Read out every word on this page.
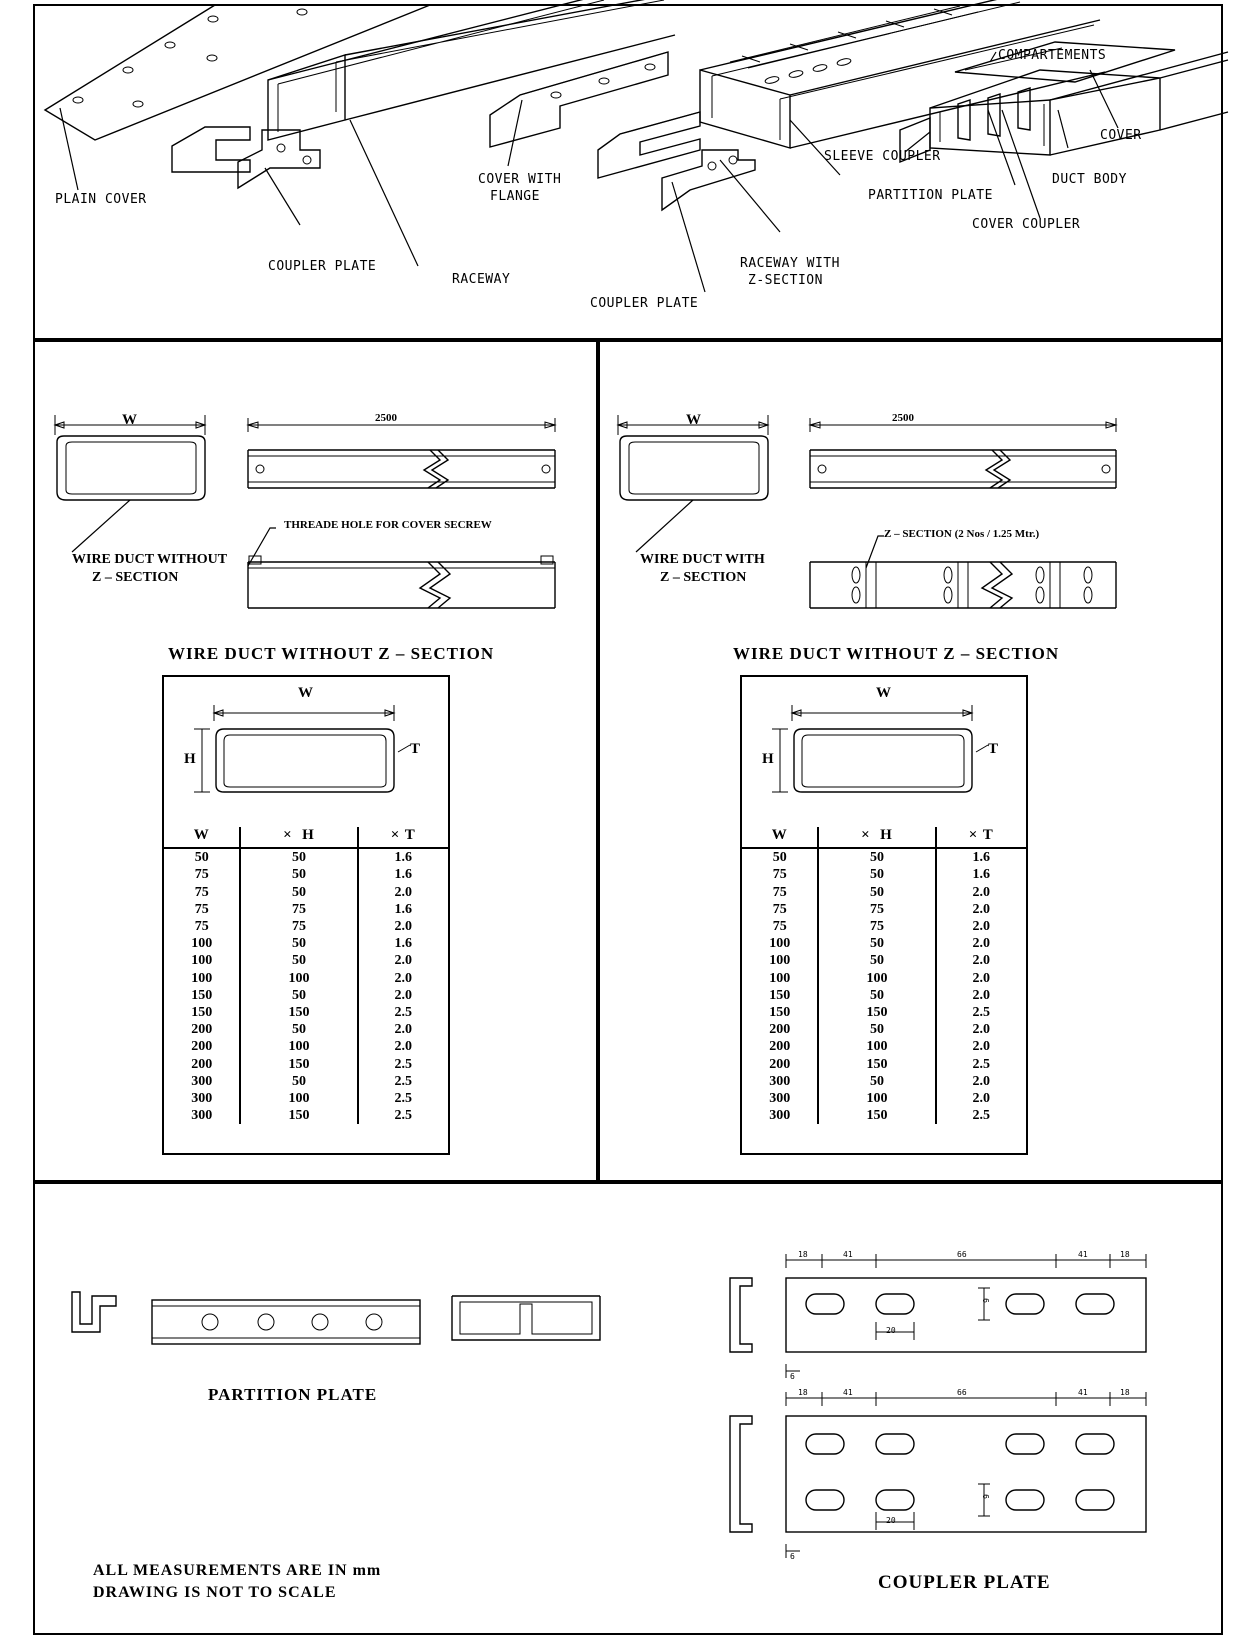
PLAIN COVER
COUPLER PLATE
RACEWAY
COVER WITH
FLANGE
COUPLER PLATE
RACEWAY WITH
Z-SECTION
COMPARTEMENTS
SLEEVE COUPLER
PARTITION PLATE
COVER COUPLER
COVER
DUCT BODY
W	2500
WIRE DUCT WITHOUT
Z – SECTION
THREADE HOLE FOR COVER SECREW
WIRE DUCT WITHOUT Z – SECTION
W
H
T
W	× H	× T
50	50	1.6
75	50	1.6
75	50	2.0
75	75	1.6
75	75	2.0
100	50	1.6
100	50	2.0
100	100	2.0
150	50	2.0
150	150	2.5
200	50	2.0
200	100	2.0
200	150	2.5
300	50	2.5
300	100	2.5
300	150	2.5
W	2500
WIRE DUCT WITH
Z – SECTION
Z – SECTION (2 Nos / 1.25 Mtr.)
WIRE DUCT WITHOUT Z – SECTION
W
H
T
W	× H	× T
50	50	1.6
75	50	1.6
75	50	2.0
75	75	2.0
75	75	2.0
100	50	2.0
100	50	2.0
100	100	2.0
150	50	2.0
150	150	2.5
200	50	2.0
200	100	2.0
200	150	2.5
300	50	2.0
300	100	2.0
300	150	2.5
PARTITION PLATE
COUPLER PLATE
18	41	66	41	18
20
6
9
18	41	66	41	18
20
6
9
ALL MEASUREMENTS ARE IN mm
DRAWING IS NOT TO SCALE
